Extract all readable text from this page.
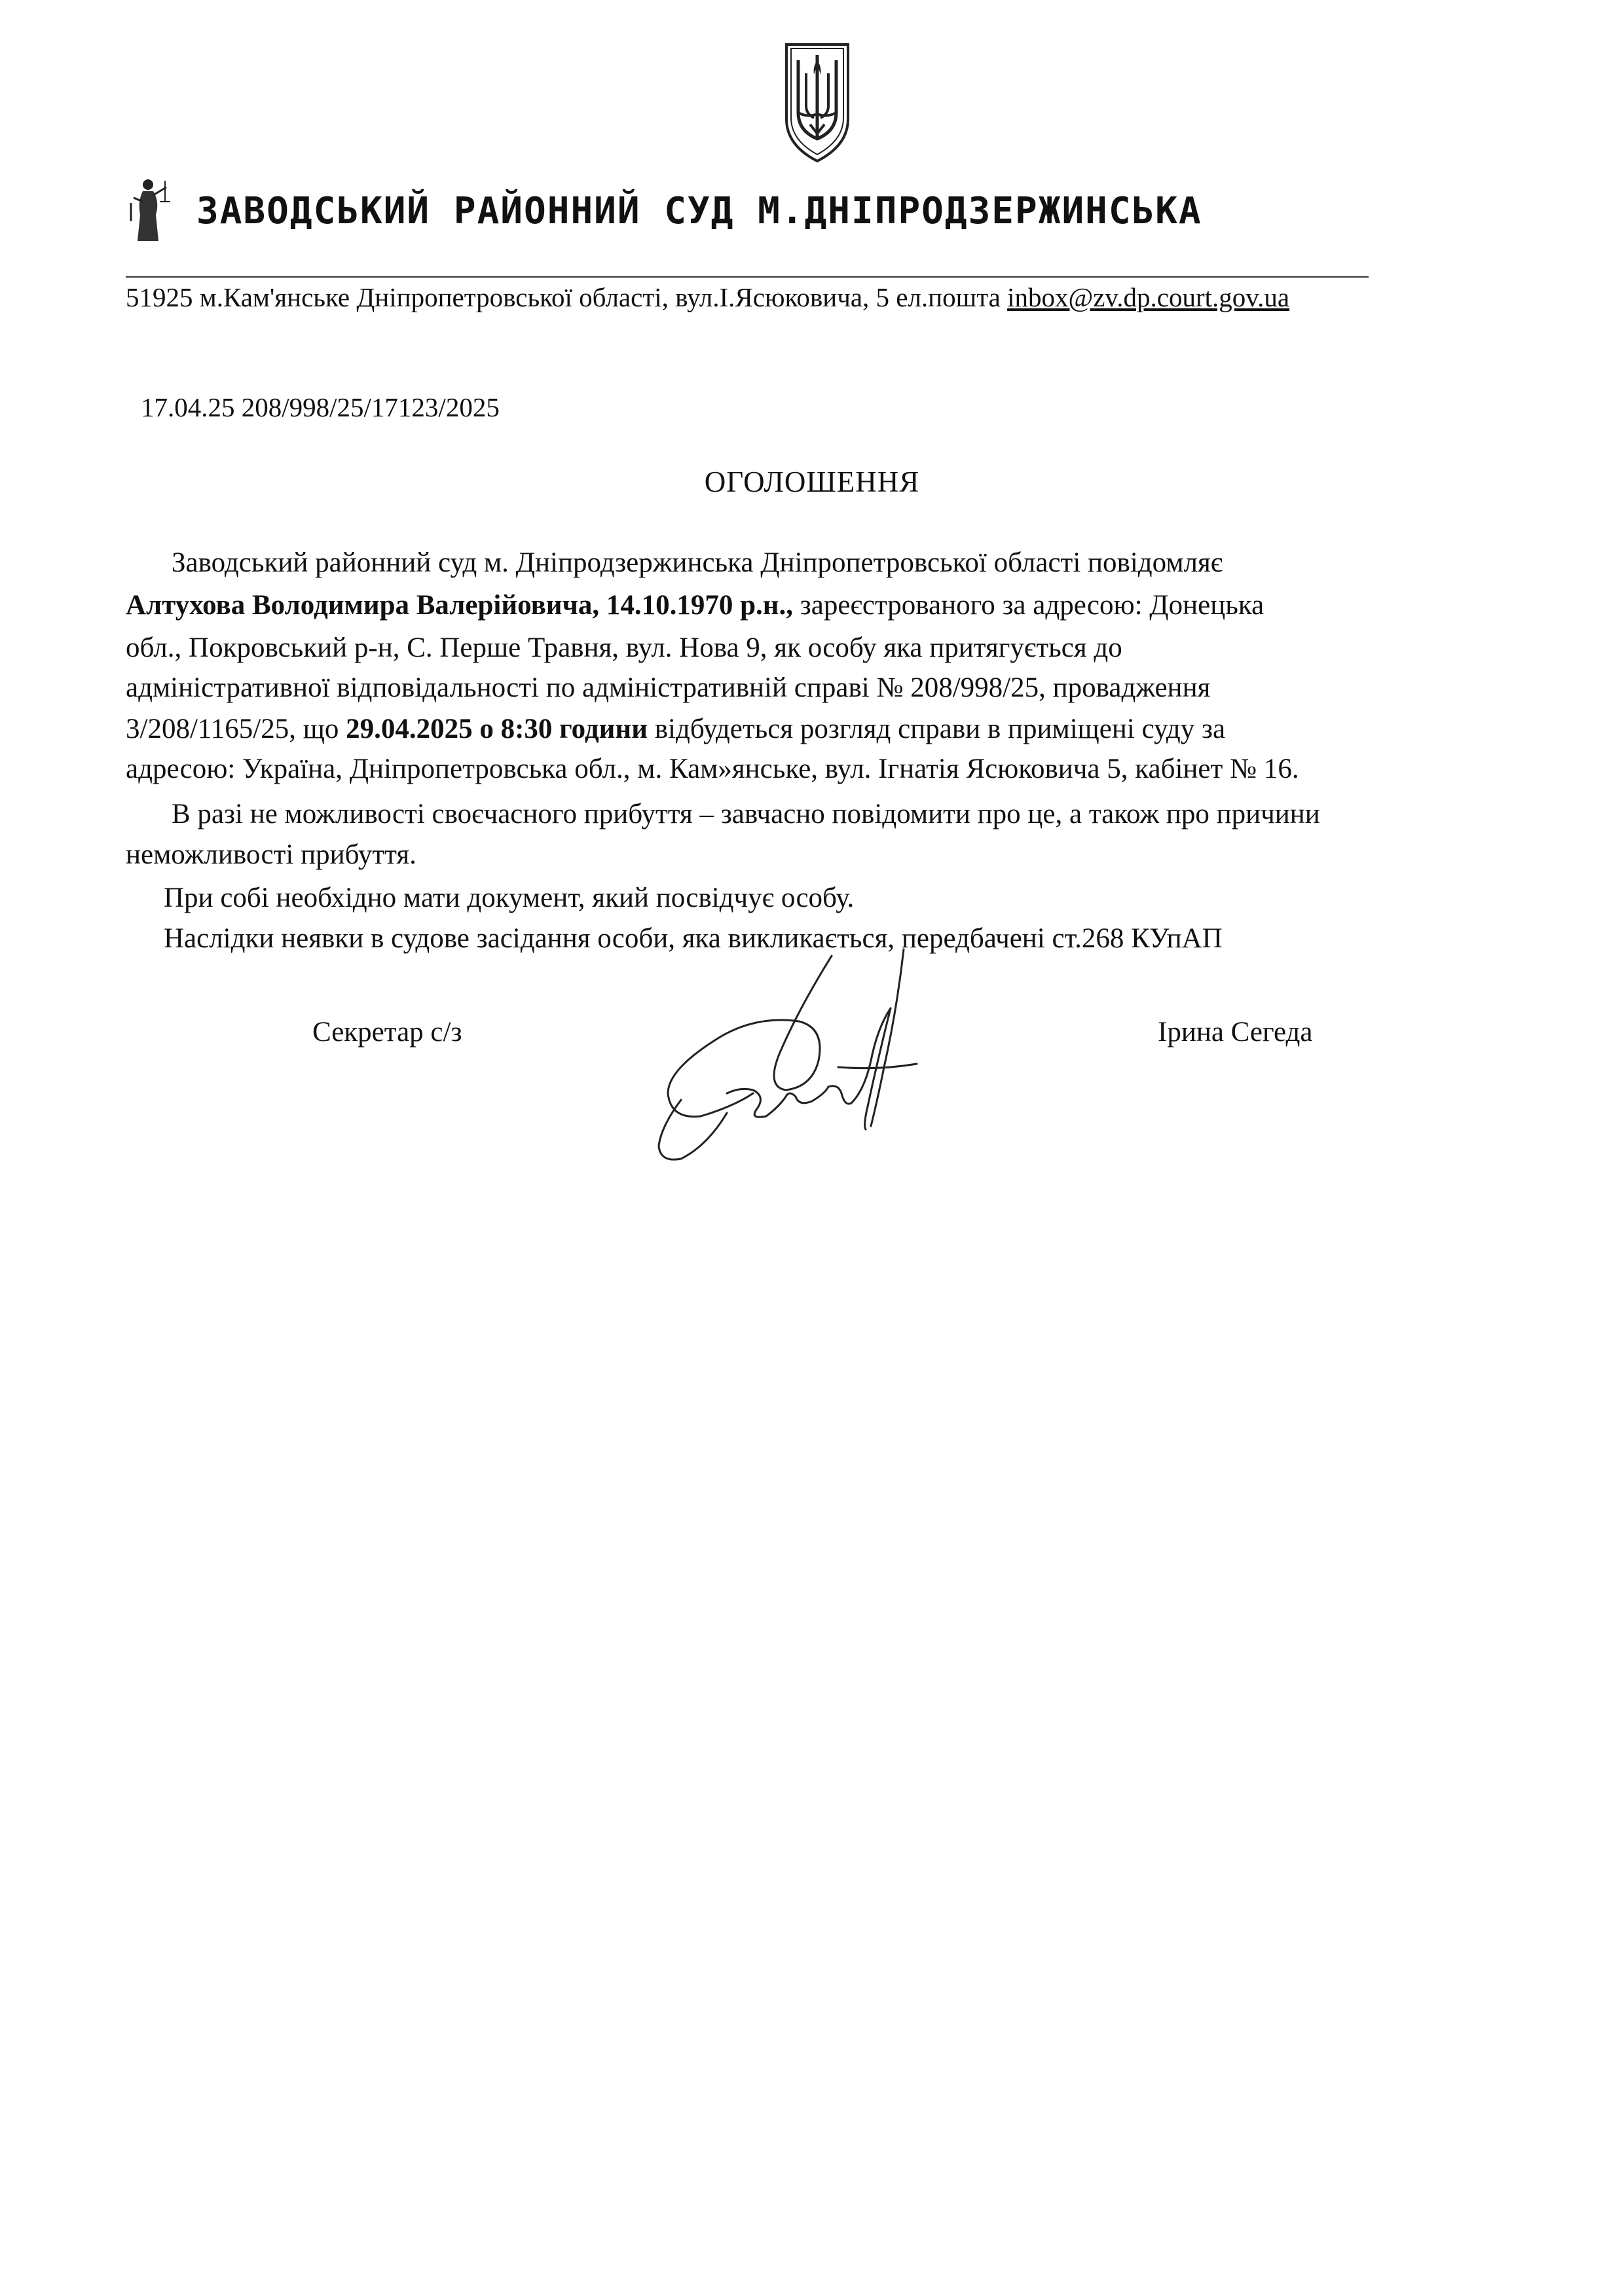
ЗАВОДСЬКИЙ РАЙОННИЙ СУД М.ДНІПРОДЗЕРЖИНСЬКА
51925 м.Кам'янське Дніпропетровської області, вул.І.Ясюковича, 5 ел.пошта inbox@zv.dp.court.gov.ua
17.04.25 208/998/25/17123/2025
ОГОЛОШЕННЯ
Заводський районний суд м. Дніпродзержинська Дніпропетровської області повідомляє
Алтухова Володимира Валерійовича, 14.10.1970 р.н., зареєстрованого за адресою: Донецька
обл., Покровський р-н, С. Перше Травня, вул. Нова 9, як особу яка притягується до
адміністративної відповідальності по адміністративній справі № 208/998/25, провадження
3/208/1165/25, що 29.04.2025 о 8:30 години відбудеться розгляд справи в приміщені суду за
адресою: Україна, Дніпропетровська обл., м. Кам»янське, вул. Ігнатія Ясюковича 5, кабінет № 16.
В разі не можливості своєчасного прибуття – завчасно повідомити про це, а також про причини
неможливості прибуття.
При собі необхідно мати документ, який посвідчує особу.
Наслідки неявки в судове засідання особи, яка викликається, передбачені ст.268 КУпАП
Секретар с/з	Ірина Сегеда
